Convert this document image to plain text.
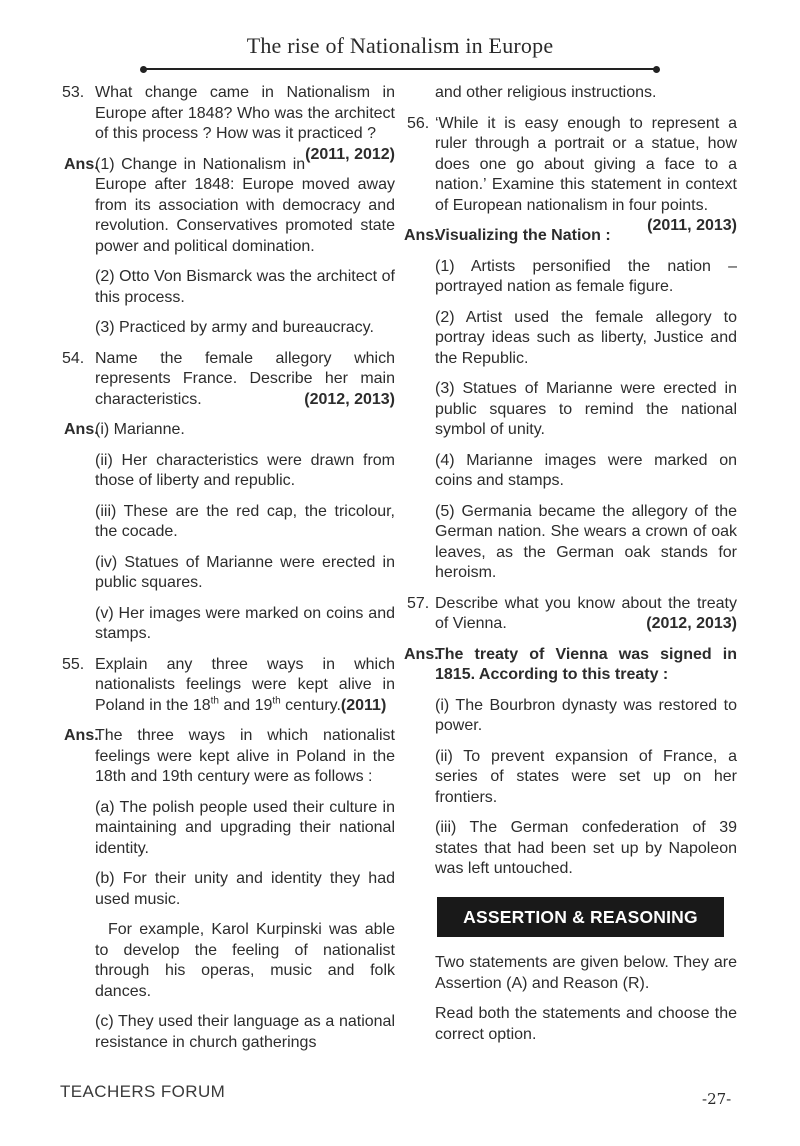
The rise of Nationalism in Europe
53. What change came in Nationalism in Europe after 1848? Who was the architect of this process ? How was it practiced ?
(2011, 2012)

Ans.

(1) Change in Nationalism in Europe after 1848: Europe moved away from its association with democracy and revolution. Conservatives promoted state power and political domination.

(2) Otto Von Bismarck was the architect of this process.

(3) Practiced by army and bureaucracy.

54. Name the female allegory which represents France. Describe her main characteristics.	(2012, 2013)

Ans.

(i) Marianne.

(ii) Her characteristics were drawn from those of liberty and republic.

(iii) These are the red cap, the tricolour, the cocade.

(iv) Statues of Marianne were erected in public squares.

(v) Her images were marked on coins and stamps.

55. Explain any three ways in which nationalists feelings were kept alive in Poland in the 18th and 19th century.(2011)

Ans.

The three ways in which nationalist feelings were kept alive in Poland in the 18th and 19th century were as follows :

(a) The polish people used their culture in maintaining and upgrading their national identity.

(b) For their unity and identity they had used music.

For example, Karol Kurpinski was able to develop the feeling of nationalist through his operas, music and folk dances.

(c) They used their language as a national resistance in church gatherings

and other religious instructions.

56. ‘While it is easy enough to represent a ruler through a portrait or a statue, how does one go about giving a face to a nation.’ Examine this statement in context of European nationalism in four points.
(2011, 2013)

Ans.

Visualizing the Nation :

(1) Artists personified the nation – portrayed nation as female figure.

(2) Artist used the female allegory to portray ideas such as liberty, Justice and the Republic.

(3) Statues of Marianne were erected in public squares to remind the national symbol of unity.

(4) Marianne images were marked on coins and stamps.

(5) Germania became the allegory of the German nation. She wears a crown of oak leaves, as the German oak stands for heroism.

57. Describe what you know about the treaty of Vienna.	(2012, 2013)

Ans.

The treaty of Vienna was signed in 1815. According to this treaty :

(i) The Bourbron dynasty was restored to power.

(ii) To prevent expansion of France, a series of states were set up on her frontiers.

(iii) The German confederation of 39 states that had been set up by Napoleon was left untouched.

ASSERTION & REASONING

Two statements are given below. They are Assertion (A) and Reason (R).

Read both the statements and choose the correct option.

TEACHERS FORUM	-27-
